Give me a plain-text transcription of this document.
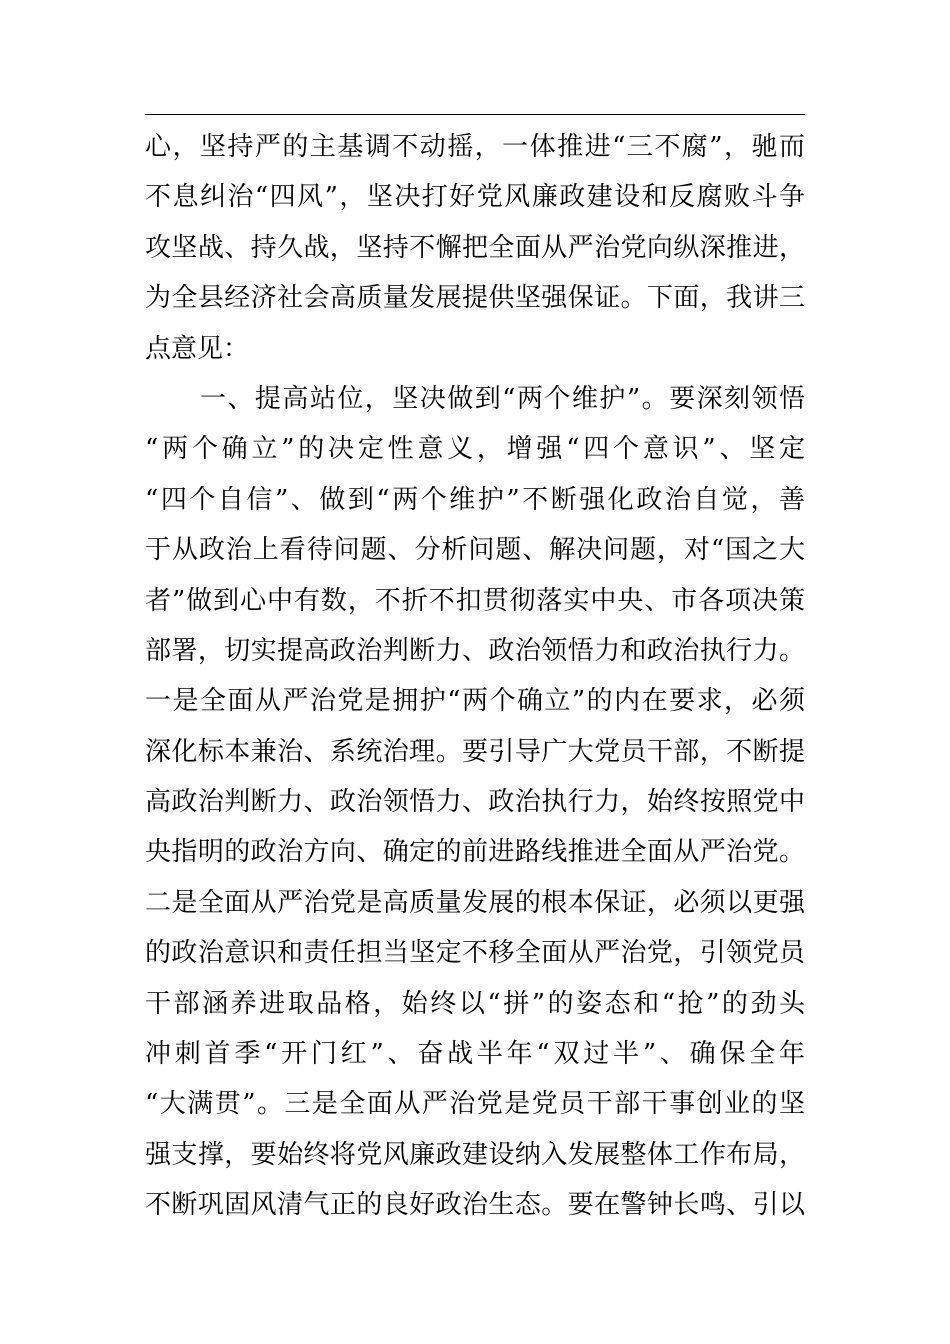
心，坚持严的主基调不动摇，一体推进“三不腐”，驰而
不息纠治“四风”，坚决打好党风廉政建设和反腐败斗争
攻坚战、持久战，坚持不懈把全面从严治党向纵深推进，
为全县经济社会高质量发展提供坚强保证。下面，我讲三
点意见：
　　一、提高站位，坚决做到“两个维护”。要深刻领悟
“两个确立”的决定性意义，增强“四个意识”、坚定
“四个自信”、做到“两个维护”不断强化政治自觉，善
于从政治上看待问题、分析问题、解决问题，对“国之大
者”做到心中有数，不折不扣贯彻落实中央、市各项决策
部署，切实提高政治判断力、政治领悟力和政治执行力。
一是全面从严治党是拥护“两个确立”的内在要求，必须
深化标本兼治、系统治理。要引导广大党员干部，不断提
高政治判断力、政治领悟力、政治执行力，始终按照党中
央指明的政治方向、确定的前进路线推进全面从严治党。
二是全面从严治党是高质量发展的根本保证，必须以更强
的政治意识和责任担当坚定不移全面从严治党，引领党员
干部涵养进取品格，始终以“拼”的姿态和“抢”的劲头
冲刺首季“开门红”、奋战半年“双过半”、确保全年
“大满贯”。三是全面从严治党是党员干部干事创业的坚
强支撑，要始终将党风廉政建设纳入发展整体工作布局，
不断巩固风清气正的良好政治生态。要在警钟长鸣、引以
